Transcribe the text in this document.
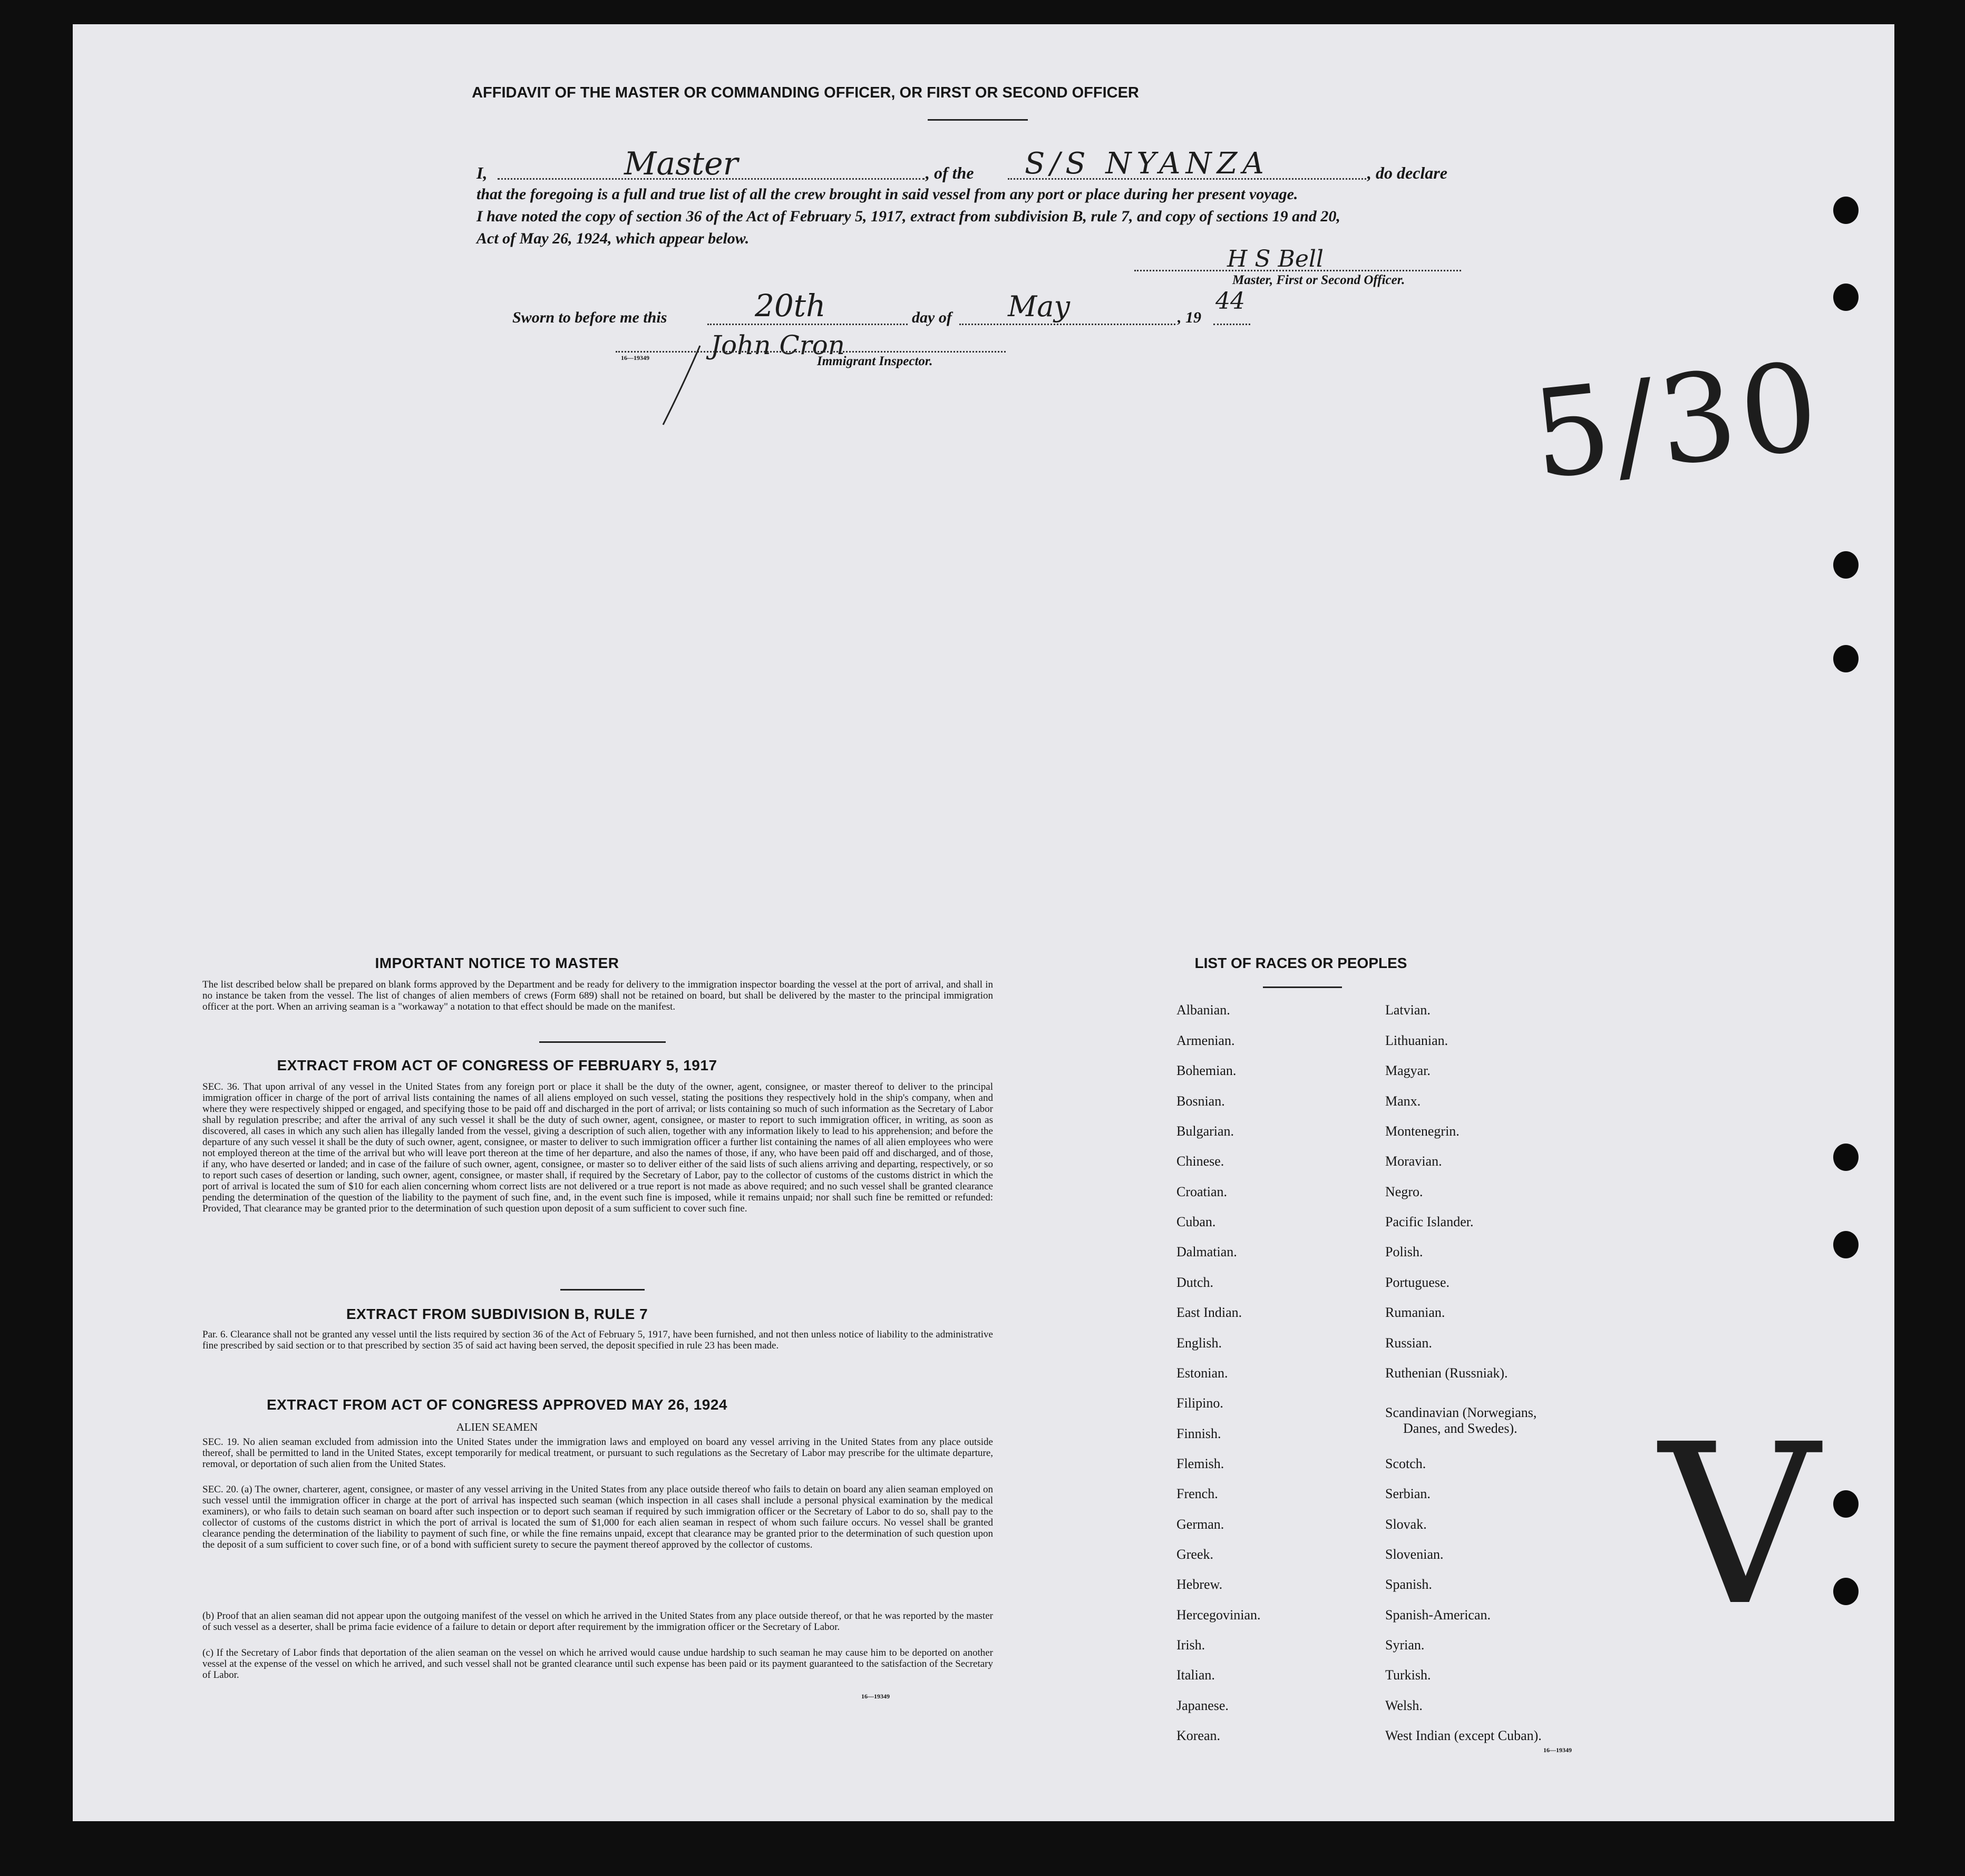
AFFIDAVIT OF THE MASTER OR COMMANDING OFFICER, OR FIRST OR SECOND OFFICER
I,	Master	, of the S/S NYANZA	, do declare
that the foregoing is a full and true list of all the crew brought in said vessel from any port or place during her present voyage.
I have noted the copy of section 36 of the Act of February 5, 1917, extract from subdivision B, rule 7, and copy of sections 19 and 20,
Act of May 26, 1924, which appear below.
H S Bell
Master, First or Second Officer.
Sworn to before me this	20th	day of May	, 19
44
John Cron
16—19349	Immigrant Inspector.	5/30
V
IMPORTANT NOTICE TO MASTER
The list described below shall be prepared on blank forms approved by the Department and be ready for delivery to the immigration inspector boarding the vessel at the port of arrival, and shall in no instance be taken from the vessel. The list of changes of alien members of crews (Form 689) shall not be retained on board, but shall be delivered by the master to the principal immigration officer at the port. When an arriving seaman is a "workaway" a notation to that effect should be made on the manifest.
EXTRACT FROM ACT OF CONGRESS OF FEBRUARY 5, 1917
SEC. 36. That upon arrival of any vessel in the United States from any foreign port or place it shall be the duty of the owner, agent, consignee, or master thereof to deliver to the principal immigration officer in charge of the port of arrival lists containing the names of all aliens employed on such vessel, stating the positions they respectively hold in the ship's company, when and where they were respectively shipped or engaged, and specifying those to be paid off and discharged in the port of arrival; or lists containing so much of such information as the Secretary of Labor shall by regulation prescribe; and after the arrival of any such vessel it shall be the duty of such owner, agent, consignee, or master to report to such immigration officer, in writing, as soon as discovered, all cases in which any such alien has illegally landed from the vessel, giving a description of such alien, together with any information likely to lead to his apprehension; and before the departure of any such vessel it shall be the duty of such owner, agent, consignee, or master to deliver to such immigration officer a further list containing the names of all alien employees who were not employed thereon at the time of the arrival but who will leave port thereon at the time of her departure, and also the names of those, if any, who have been paid off and discharged, and of those, if any, who have deserted or landed; and in case of the failure of such owner, agent, consignee, or master so to deliver either of the said lists of such aliens arriving and departing, respectively, or so to report such cases of desertion or landing, such owner, agent, consignee, or master shall, if required by the Secretary of Labor, pay to the collector of customs of the customs district in which the port of arrival is located the sum of $10 for each alien concerning whom correct lists are not delivered or a true report is not made as above required; and no such vessel shall be granted clearance pending the determination of the question of the liability to the payment of such fine, and, in the event such fine is imposed, while it remains unpaid; nor shall such fine be remitted or refunded: Provided, That clearance may be granted prior to the determination of such question upon deposit of a sum sufficient to cover such fine.
EXTRACT FROM SUBDIVISION B, RULE 7
Par. 6. Clearance shall not be granted any vessel until the lists required by section 36 of the Act of February 5, 1917, have been furnished, and not then unless notice of liability to the administrative fine prescribed by said section or to that prescribed by section 35 of said act having been served, the deposit specified in rule 23 has been made.
EXTRACT FROM ACT OF CONGRESS APPROVED MAY 26, 1924
ALIEN SEAMEN
SEC. 19. No alien seaman excluded from admission into the United States under the immigration laws and employed on board any vessel arriving in the United States from any place outside thereof, shall be permitted to land in the United States, except temporarily for medical treatment, or pursuant to such regulations as the Secretary of Labor may prescribe for the ultimate departure, removal, or deportation of such alien from the United States.
SEC. 20. (a) The owner, charterer, agent, consignee, or master of any vessel arriving in the United States from any place outside thereof who fails to detain on board any alien seaman employed on such vessel until the immigration officer in charge at the port of arrival has inspected such seaman (which inspection in all cases shall include a personal physical examination by the medical examiners), or who fails to detain such seaman on board after such inspection or to deport such seaman if required by such immigration officer or the Secretary of Labor to do so, shall pay to the collector of customs of the customs district in which the port of arrival is located the sum of $1,000 for each alien seaman in respect of whom such failure occurs. No vessel shall be granted clearance pending the determination of the liability to payment of such fine, or while the fine remains unpaid, except that clearance may be granted prior to the determination of such question upon the deposit of a sum sufficient to cover such fine, or of a bond with sufficient surety to secure the payment thereof approved by the collector of customs.
(b) Proof that an alien seaman did not appear upon the outgoing manifest of the vessel on which he arrived in the United States from any place outside thereof, or that he was reported by the master of such vessel as a deserter, shall be prima facie evidence of a failure to detain or deport after requirement by the immigration officer or the Secretary of Labor.
(c) If the Secretary of Labor finds that deportation of the alien seaman on the vessel on which he arrived would cause undue hardship to such seaman he may cause him to be deported on another vessel at the expense of the vessel on which he arrived, and such vessel shall not be granted clearance until such expense has been paid or its payment guaranteed to the satisfaction of the Secretary of Labor.
16—19349
LIST OF RACES OR PEOPLES
Albanian.
Armenian.
Bohemian.
Bosnian.
Bulgarian.
Chinese.
Croatian.
Cuban.
Dalmatian.
Dutch.
East Indian.
English.
Estonian.
Filipino.
Finnish.
Flemish.
French.
German.
Greek.
Hebrew.
Hercegovinian.
Irish.
Italian.
Japanese.
Korean.
Latvian.
Lithuanian.
Magyar.
Manx.
Montenegrin.
Moravian.
Negro.
Pacific Islander.
Polish.
Portuguese.
Rumanian.
Russian.
Ruthenian (Russniak).
Scandinavian (Norwegians,
Danes, and Swedes).
Scotch.
Serbian.
Slovak.
Slovenian.
Spanish.
Spanish-American.
Syrian.
Turkish.
Welsh.
West Indian (except Cuban).
16—19349
